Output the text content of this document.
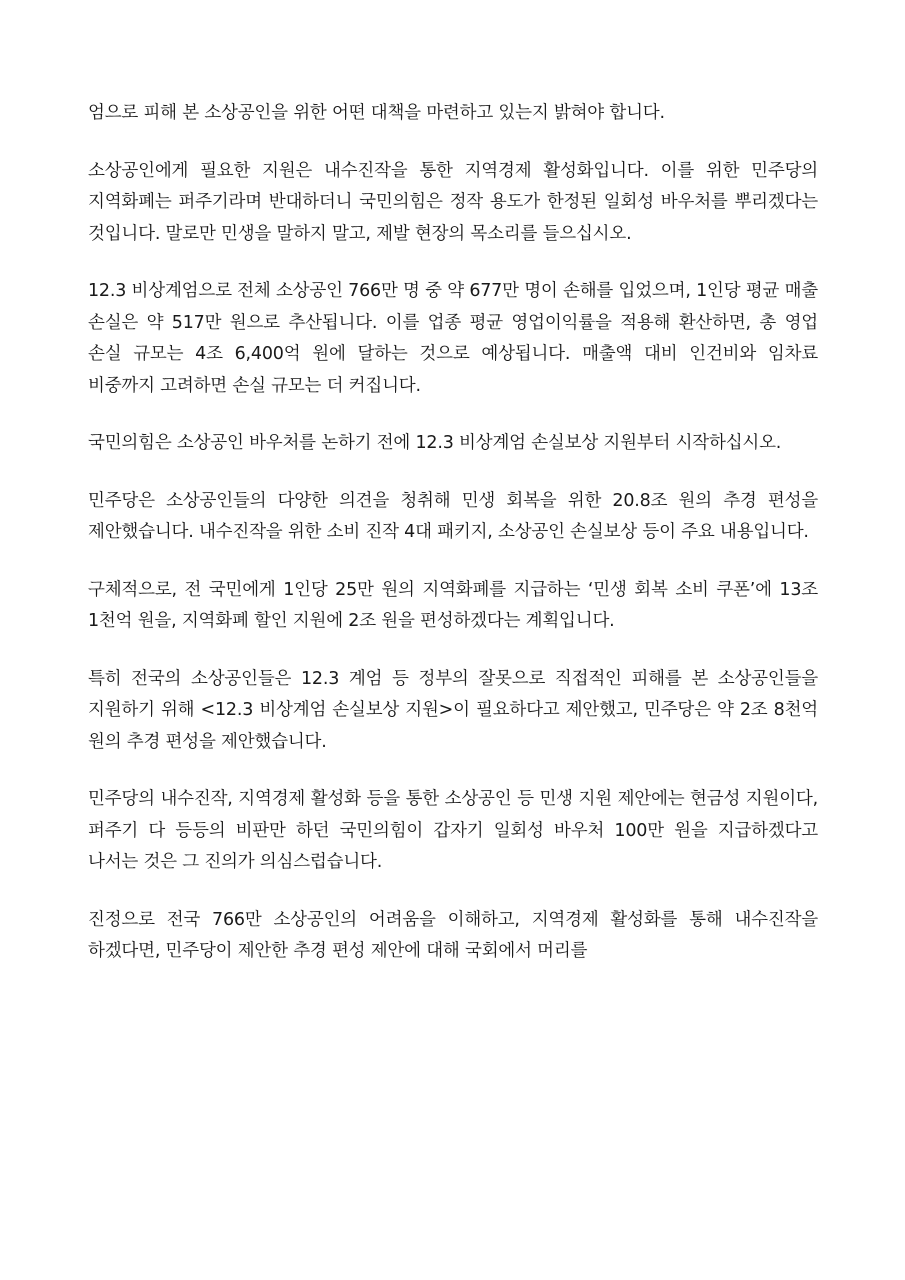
엄으로 피해 본 소상공인을 위한 어떤 대책을 마련하고 있는지 밝혀야 합니다.

소상공인에게 필요한 지원은 내수진작을 통한 지역경제 활성화입니다. 이를 위한 민주당의 지역화폐는 퍼주기라며 반대하더니 국민의힘은 정작 용도가 한정된 일회성 바우처를 뿌리겠다는 것입니다. 말로만 민생을 말하지 말고, 제발 현장의 목소리를 들으십시오.

12.3 비상계엄으로 전체 소상공인 766만 명 중 약 677만 명이 손해를 입었으며, 1인당 평균 매출 손실은 약 517만 원으로 추산됩니다. 이를 업종 평균 영업이익률을 적용해 환산하면, 총 영업 손실 규모는 4조 6,400억 원에 달하는 것으로 예상됩니다. 매출액 대비 인건비와 임차료 비중까지 고려하면 손실 규모는 더 커집니다.

국민의힘은 소상공인 바우처를 논하기 전에 12.3 비상계엄 손실보상 지원부터 시작하십시오.

민주당은 소상공인들의 다양한 의견을 청취해 민생 회복을 위한 20.8조 원의 추경 편성을 제안했습니다. 내수진작을 위한 소비 진작 4대 패키지, 소상공인 손실보상 등이 주요 내용입니다.

구체적으로, 전 국민에게 1인당 25만 원의 지역화폐를 지급하는 ‘민생 회복 소비 쿠폰’에 13조 1천억 원을, 지역화폐 할인 지원에 2조 원을 편성하겠다는 계획입니다.

특히 전국의 소상공인들은 12.3 계엄 등 정부의 잘못으로 직접적인 피해를 본 소상공인들을 지원하기 위해 <12.3 비상계엄 손실보상 지원>이 필요하다고 제안했고, 민주당은 약 2조 8천억 원의 추경 편성을 제안했습니다.

민주당의 내수진작, 지역경제 활성화 등을 통한 소상공인 등 민생 지원 제안에는 현금성 지원이다, 퍼주기 다 등등의 비판만 하던 국민의힘이 갑자기 일회성 바우처 100만 원을 지급하겠다고 나서는 것은 그 진의가 의심스럽습니다.

진정으로 전국 766만 소상공인의 어려움을 이해하고, 지역경제 활성화를 통해 내수진작을 하겠다면, 민주당이 제안한 추경 편성 제안에 대해 국회에서 머리를
